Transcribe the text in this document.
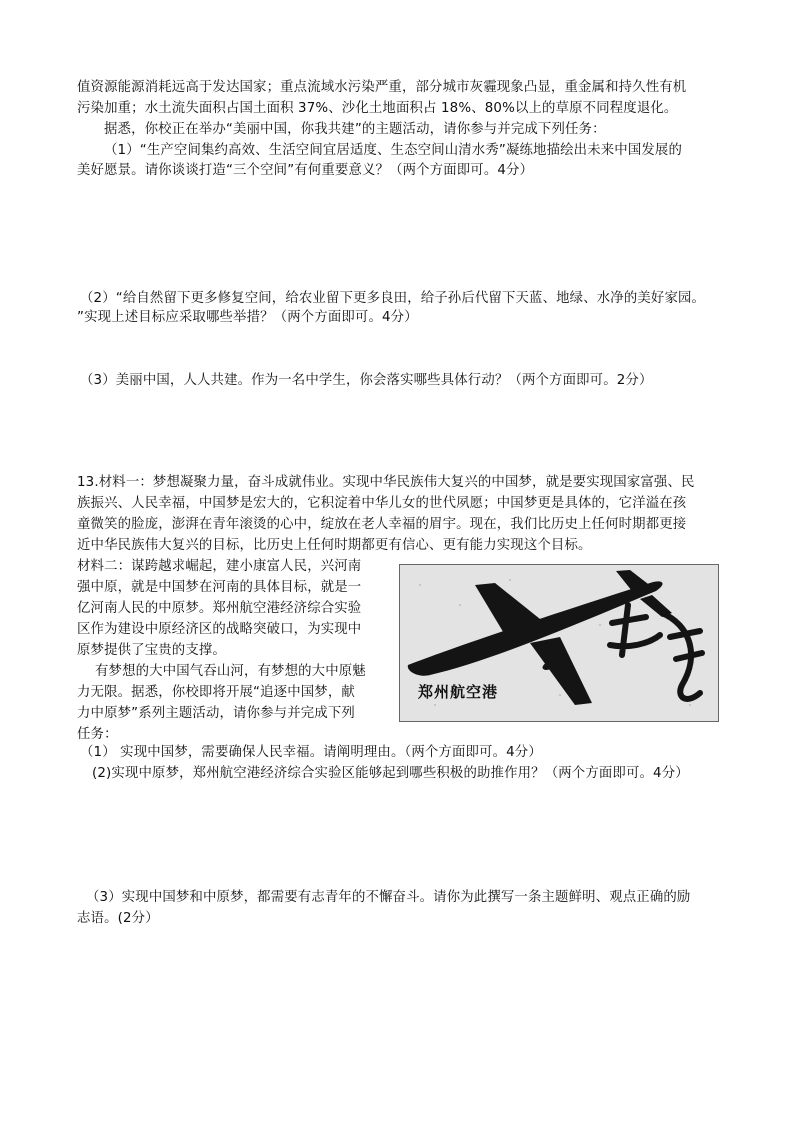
值资源能源消耗远高于发达国家；重点流域水污染严重，部分城市灰霾现象凸显，重金属和持久性有机
污染加重；水土流失面积占国土面积 37%、沙化土地面积占 18%、80%以上的草原不同程度退化。
据悉，你校正在举办“美丽中国，你我共建”的主题活动，请你参与并完成下列任务：
（1）“生产空间集约高效、生活空间宜居适度、生态空间山清水秀”凝练地描绘出未来中国发展的
美好愿景。请你谈谈打造“三个空间”有何重要意义？（两个方面即可。4分）
（2）“给自然留下更多修复空间，给农业留下更多良田，给子孙后代留下天蓝、地绿、水净的美好家园。
”实现上述目标应采取哪些举措？（两个方面即可。4分）
（3）美丽中国，人人共建。作为一名中学生，你会落实哪些具体行动？（两个方面即可。2分）
13.材料一：梦想凝聚力量，奋斗成就伟业。实现中华民族伟大复兴的中国梦，就是要实现国家富强、民
族振兴、人民幸福，中国梦是宏大的，它积淀着中华儿女的世代夙愿；中国梦更是具体的，它洋溢在孩
童微笑的脸庞，澎湃在青年滚烫的心中，绽放在老人幸福的眉宇。现在，我们比历史上任何时期都更接
近中华民族伟大复兴的目标，比历史上任何时期都更有信心、更有能力实现这个目标。
材料二：谋跨越求崛起，建小康富人民，兴河南
强中原，就是中国梦在河南的具体目标，就是一
亿河南人民的中原梦。郑州航空港经济综合实验
区作为建设中原经济区的战略突破口，为实现中
原梦提供了宝贵的支撑。
有梦想的大中国气吞山河，有梦想的大中原魅
力无限。据悉，你校即将开展“追逐中国梦，献
力中原梦”系列主题活动，请你参与并完成下列
任务：
郑州航空港
（1） 实现中国梦，需要确保人民幸福。请阐明理由。（两个方面即可。4分）
(2)实现中原梦，郑州航空港经济综合实验区能够起到哪些积极的助推作用？（两个方面即可。4分）
（3）实现中国梦和中原梦，都需要有志青年的不懈奋斗。请你为此撰写一条主题鲜明、观点正确的励
志语。(2分）
